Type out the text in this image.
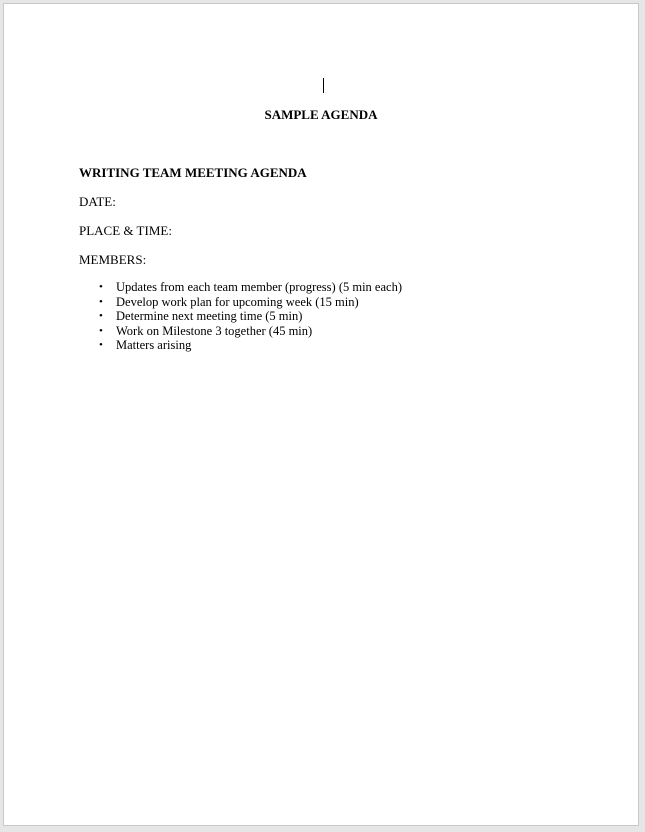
SAMPLE AGENDA

WRITING TEAM MEETING AGENDA

DATE:

PLACE & TIME:

MEMBERS:

• Updates from each team member (progress) (5 min each)
• Develop work plan for upcoming week (15 min)
• Determine next meeting time (5 min)
• Work on Milestone 3 together (45 min)
• Matters arising
